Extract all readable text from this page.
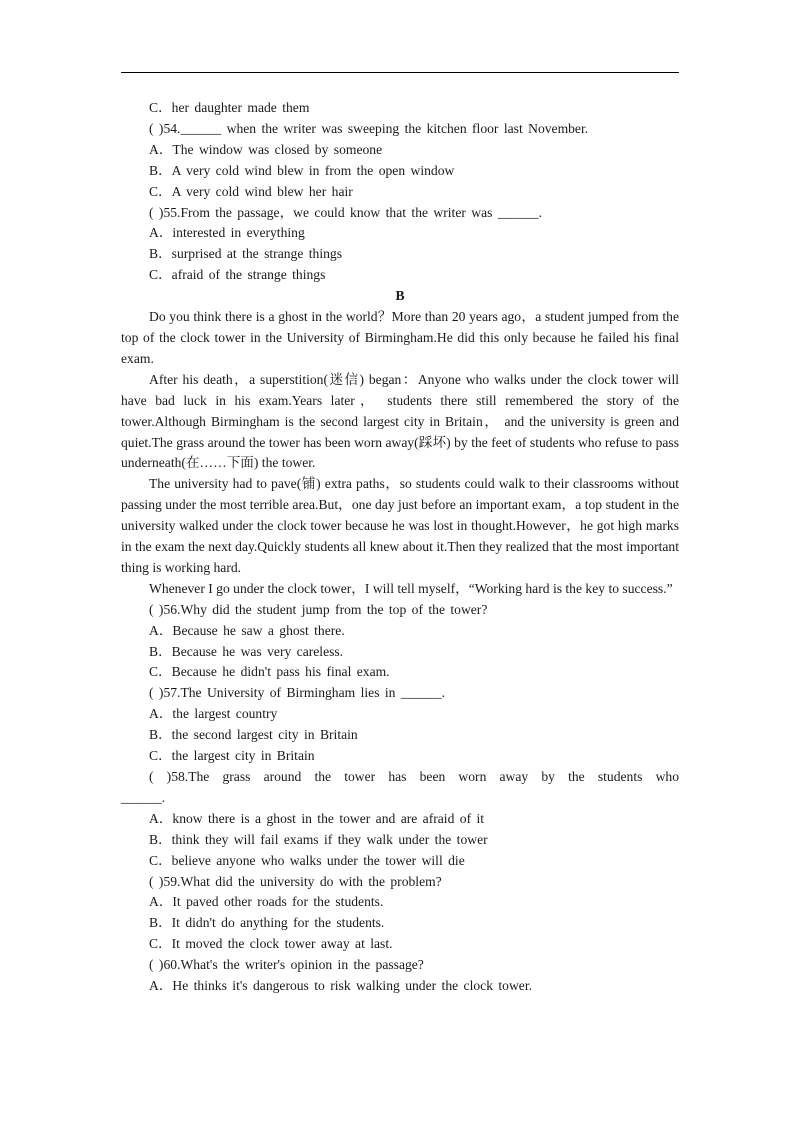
C．her daughter made them
( )54.______ when the writer was sweeping the kitchen floor last November.
A．The window was closed by someone
B．A very cold wind blew in from the open window
C．A very cold wind blew her hair
( )55.From the passage，we could know that the writer was ______.
A．interested in everything
B．surprised at the strange things
C．afraid of the strange things
B
Do you think there is a ghost in the world？More than 20 years ago，a student jumped from the top of the clock tower in the University of Birmingham.He did this only because he failed his final exam.
After his death，a superstition(迷信) began：Anyone who walks under the clock tower will have bad luck in his exam.Years later， students there still remembered the story of the tower.Although Birmingham is the second largest city in Britain， and the university is green and quiet.The grass around the tower has been worn away(踩坏) by the feet of students who refuse to pass underneath(在……下面) the tower.
The university had to pave(铺) extra paths，so students could walk to their classrooms without passing under the most terrible area.But，one day just before an important exam，a top student in the university walked under the clock tower because he was lost in thought.However，he got high marks in the exam the next day.Quickly students all knew about it.Then they realized that the most important thing is working hard.
Whenever I go under the clock tower，I will tell myself，“Working hard is the key to success.”
( )56.Why did the student jump from the top of the tower?
A．Because he saw a ghost there.
B．Because he was very careless.
C．Because he didn't pass his final exam.
( )57.The University of Birmingham lies in ______.
A．the largest country
B．the second largest city in Britain
C．the largest city in Britain
( )58.The grass around the tower has been worn away by the students who
______.
A．know there is a ghost in the tower and are afraid of it
B．think they will fail exams if they walk under the tower
C．believe anyone who walks under the tower will die
( )59.What did the university do with the problem?
A．It paved other roads for the students.
B．It didn't do anything for the students.
C．It moved the clock tower away at last.
( )60.What's the writer's opinion in the passage?
A．He thinks it's dangerous to risk walking under the clock tower.
